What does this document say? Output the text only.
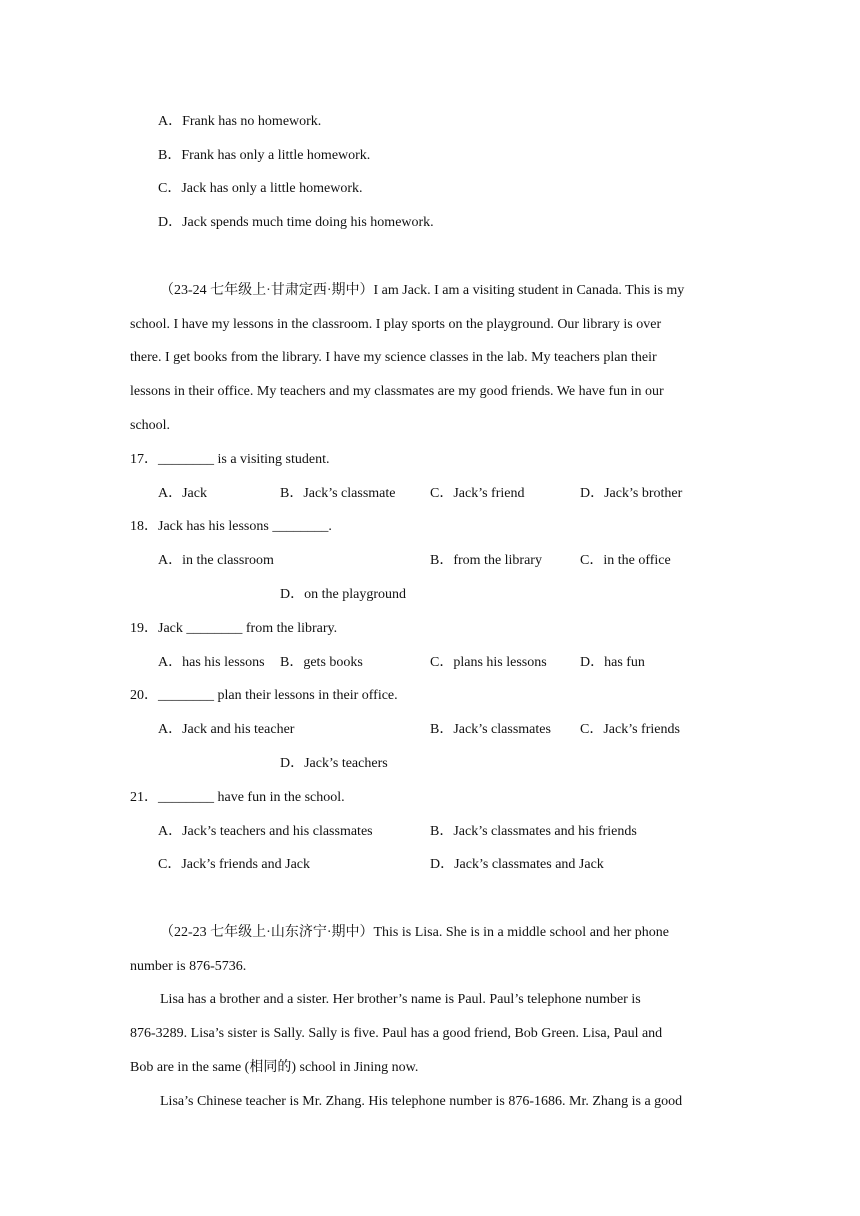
A．Frank has no homework.
B．Frank has only a little homework.
C．Jack has only a little homework.
D．Jack spends much time doing his homework.
（23-24 七年级上·甘肃定西·期中）I am Jack. I am a visiting student in Canada. This is my
school. I have my lessons in the classroom. I play sports on the playground. Our library is over
there. I get books from the library. I have my science classes in the lab. My teachers plan their
lessons in their office. My teachers and my classmates are my good friends. We have fun in our
school.
17．________ is a visiting student.
A．Jack	B．Jack’s classmate C．Jack’s friend	D．Jack’s brother
18．Jack has his lessons ________.
A．in the classroom	B．from the library	C．in the office
D．on the playground
19．Jack ________ from the library.
A．has his lessons B．gets books	C．plans his lessons D．has fun
20．________ plan their lessons in their office.
A．Jack and his teacher	B．Jack’s classmates C．Jack’s friends
D．Jack’s teachers
21．________ have fun in the school.
A．Jack’s teachers and his classmates	B．Jack’s classmates and his friends
C．Jack’s friends and Jack	D．Jack’s classmates and Jack
（22-23 七年级上·山东济宁·期中）This is Lisa. She is in a middle school and her phone
number is 876-5736.
Lisa has a brother and a sister. Her brother’s name is Paul. Paul’s telephone number is
876-3289. Lisa’s sister is Sally. Sally is five. Paul has a good friend, Bob Green. Lisa, Paul and
Bob are in the same (相同的) school in Jining now.
Lisa’s Chinese teacher is Mr. Zhang. His telephone number is 876-1686. Mr. Zhang is a good
